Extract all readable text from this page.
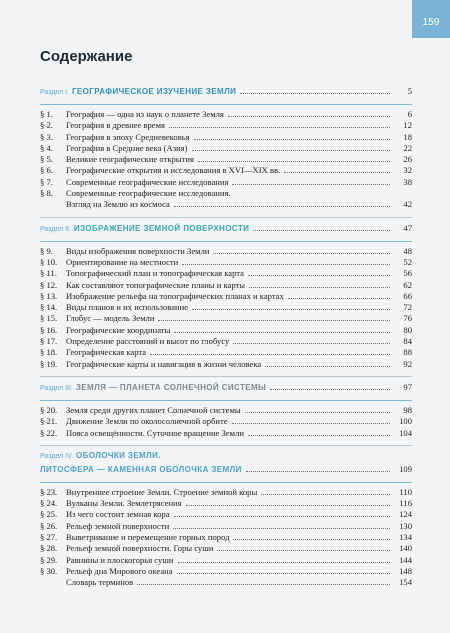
159
Содержание
Раздел I. ГЕОГРАФИЧЕСКОЕ ИЗУЧЕНИЕ ЗЕМЛИ	5
§ 1.	География — одна из наук о планете Земля	6
§ 2.	География в древнее время	12
§ 3.	География в эпоху Средневековья	18
§ 4.	География в Средние века (Азия)	22
§ 5.	Великие географические открытия	26
§ 6.	Географические открытия и исследования в XVI—XIX вв.	32
§ 7.	Современные географические исследования	38
§ 8.	Современные географические исследования.
Взгляд на Землю из космоса	42
Раздел II. ИЗОБРАЖЕНИЕ ЗЕМНОЙ ПОВЕРХНОСТИ	47
§ 9.	Виды изображения поверхности Земли	48
§ 10.	Ориентирование на местности	52
§ 11.	Топографический план и топографическая карта	56
§ 12.	Как составляют топографические планы и карты	62
§ 13.	Изображение рельефа на топографических планах и картах	66
§ 14.	Виды планов и их использование	72
§ 15.	Глобус — модель Земли	76
§ 16.	Географические координаты	80
§ 17.	Определение расстояний и высот по глобусу	84
§ 18.	Географическая карта	88
§ 19.	Географические карты и навигация в жизни человека	92
Раздел III. ЗЕМЛЯ — ПЛАНЕТА СОЛНЕЧНОЙ СИСТЕМЫ	97
§ 20.	Земля среди других планет Солнечной системы	98
§ 21.	Движение Земли по околосолнечной орбите	100
§ 22.	Пояса освещённости. Суточное вращение Земли	104
Раздел IV. ОБОЛОЧКИ ЗЕМЛИ.
ЛИТОСФЕРА — КАМЕННАЯ ОБОЛОЧКА ЗЕМЛИ	109
§ 23.	Внутреннее строение Земли. Строение земной коры	110
§ 24.	Вулканы Земли. Землетрясения	116
§ 25.	Из чего состоит земная кора	124
§ 26.	Рельеф земной поверхности	130
§ 27.	Выветривание и перемещение горных пород	134
§ 28.	Рельеф земной поверхности. Горы суши	140
§ 29.	Равнины и плоскогорья суши	144
§ 30.	Рельеф дна Мирового океана	148
Словарь терминов	154
